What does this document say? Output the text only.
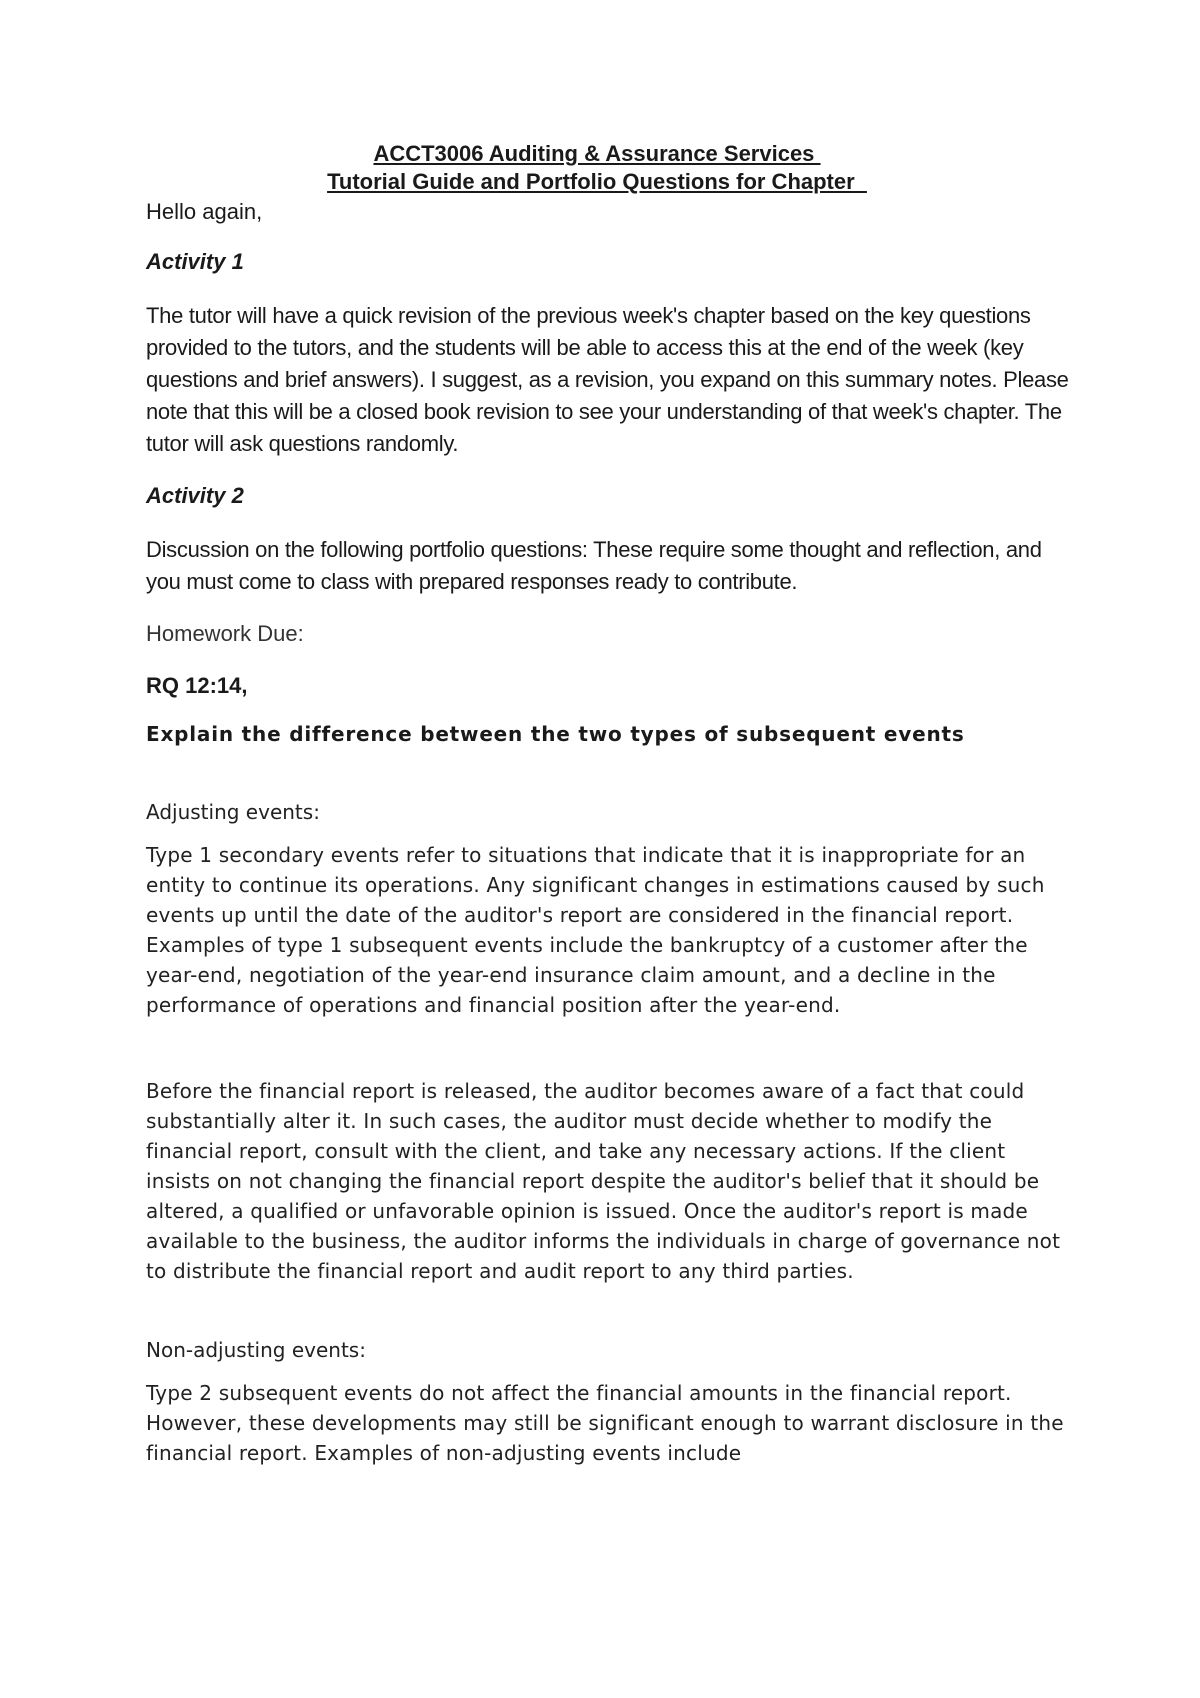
ACCT3006 Auditing & Assurance Services
Tutorial Guide and Portfolio Questions for Chapter
Hello again,
Activity 1
The tutor will have a quick revision of the previous week's chapter based on the key questions provided to the tutors, and the students will be able to access this at the end of the week (key questions and brief answers). I suggest, as a revision, you expand on this summary notes. Please note that this will be a closed book revision to see your understanding of that week's chapter. The tutor will ask questions randomly.
Activity 2
Discussion on the following portfolio questions: These require some thought and reflection, and you must come to class with prepared responses ready to contribute.
Homework Due:
RQ 12:14,
Explain the difference between the two types of subsequent events
Adjusting events:
Type 1 secondary events refer to situations that indicate that it is inappropriate for an entity to continue its operations. Any significant changes in estimations caused by such events up until the date of the auditor's report are considered in the financial report. Examples of type 1 subsequent events include the bankruptcy of a customer after the year-end, negotiation of the year-end insurance claim amount, and a decline in the performance of operations and financial position after the year-end.
Before the financial report is released, the auditor becomes aware of a fact that could substantially alter it. In such cases, the auditor must decide whether to modify the financial report, consult with the client, and take any necessary actions. If the client insists on not changing the financial report despite the auditor's belief that it should be altered, a qualified or unfavorable opinion is issued. Once the auditor's report is made available to the business, the auditor informs the individuals in charge of governance not to distribute the financial report and audit report to any third parties.
Non-adjusting events:
Type 2 subsequent events do not affect the financial amounts in the financial report. However, these developments may still be significant enough to warrant disclosure in the financial report. Examples of non-adjusting events include
